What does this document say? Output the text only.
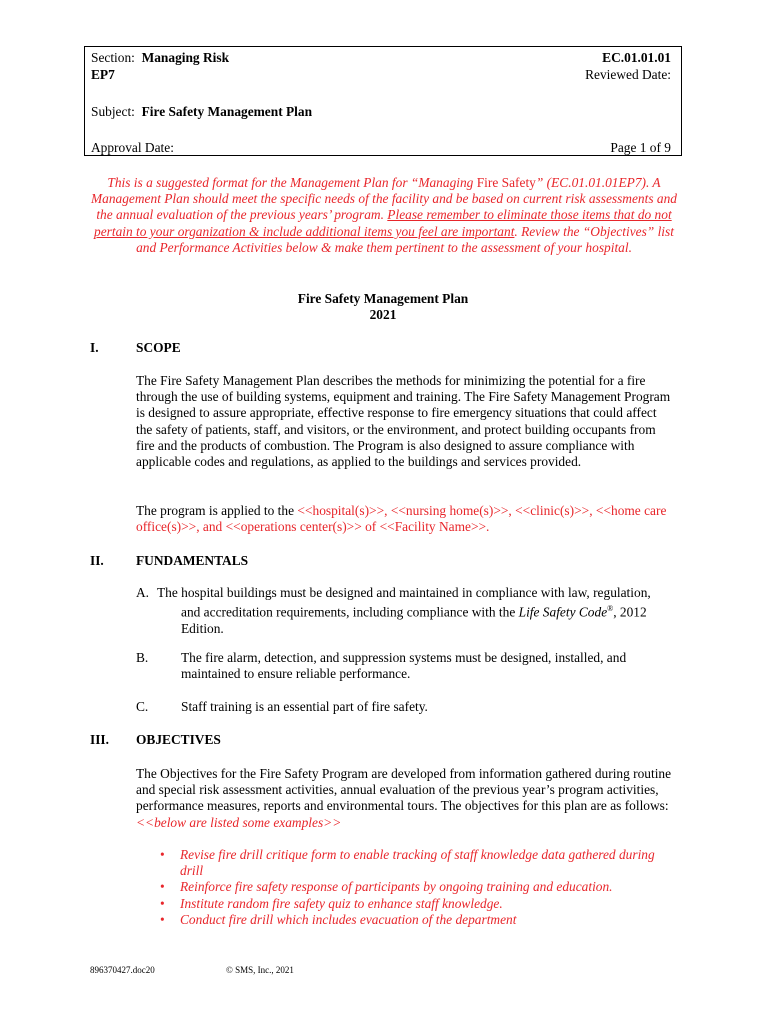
Section: Managing Risk	EC.01.01.01
EP7	Reviewed Date:
Subject: Fire Safety Management Plan
Approval Date:	Page 1 of 9
This is a suggested format for the Management Plan for “Managing Fire Safety” (EC.01.01.01EP7). A Management Plan should meet the specific needs of the facility and be based on current risk assessments and the annual evaluation of the previous years’ program. Please remember to eliminate those items that do not pertain to your organization & include additional items you feel are important. Review the “Objectives” list and Performance Activities below & make them pertinent to the assessment of your hospital.
Fire Safety Management Plan
2021
I.	SCOPE
The Fire Safety Management Plan describes the methods for minimizing the potential for a fire through the use of building systems, equipment and training. The Fire Safety Management Program is designed to assure appropriate, effective response to fire emergency situations that could affect the safety of patients, staff, and visitors, or the environment, and protect building occupants from fire and the products of combustion. The Program is also designed to assure compliance with applicable codes and regulations, as applied to the buildings and services provided.
The program is applied to the <<hospital(s)>>, <<nursing home(s)>>, <<clinic(s)>>, <<home care office(s)>>, and <<operations center(s)>> of <<Facility Name>>.
II. FUNDAMENTALS
A. The hospital buildings must be designed and maintained in compliance with law, regulation,
and accreditation requirements, including compliance with the Life Safety Code®, 2012 Edition.
B. The fire alarm, detection, and suppression systems must be designed, installed, and maintained to ensure reliable performance.
C. Staff training is an essential part of fire safety.
III. OBJECTIVES
The Objectives for the Fire Safety Program are developed from information gathered during routine and special risk assessment activities, annual evaluation of the previous year’s program activities, performance measures, reports and environmental tours. The objectives for this plan are as follows: <<below are listed some examples>>
• Revise fire drill critique form to enable tracking of staff knowledge data gathered during drill
• Reinforce fire safety response of participants by ongoing training and education.
• Institute random fire safety quiz to enhance staff knowledge.
• Conduct fire drill which includes evacuation of the department
896370427.doc20	© SMS, Inc., 2021
